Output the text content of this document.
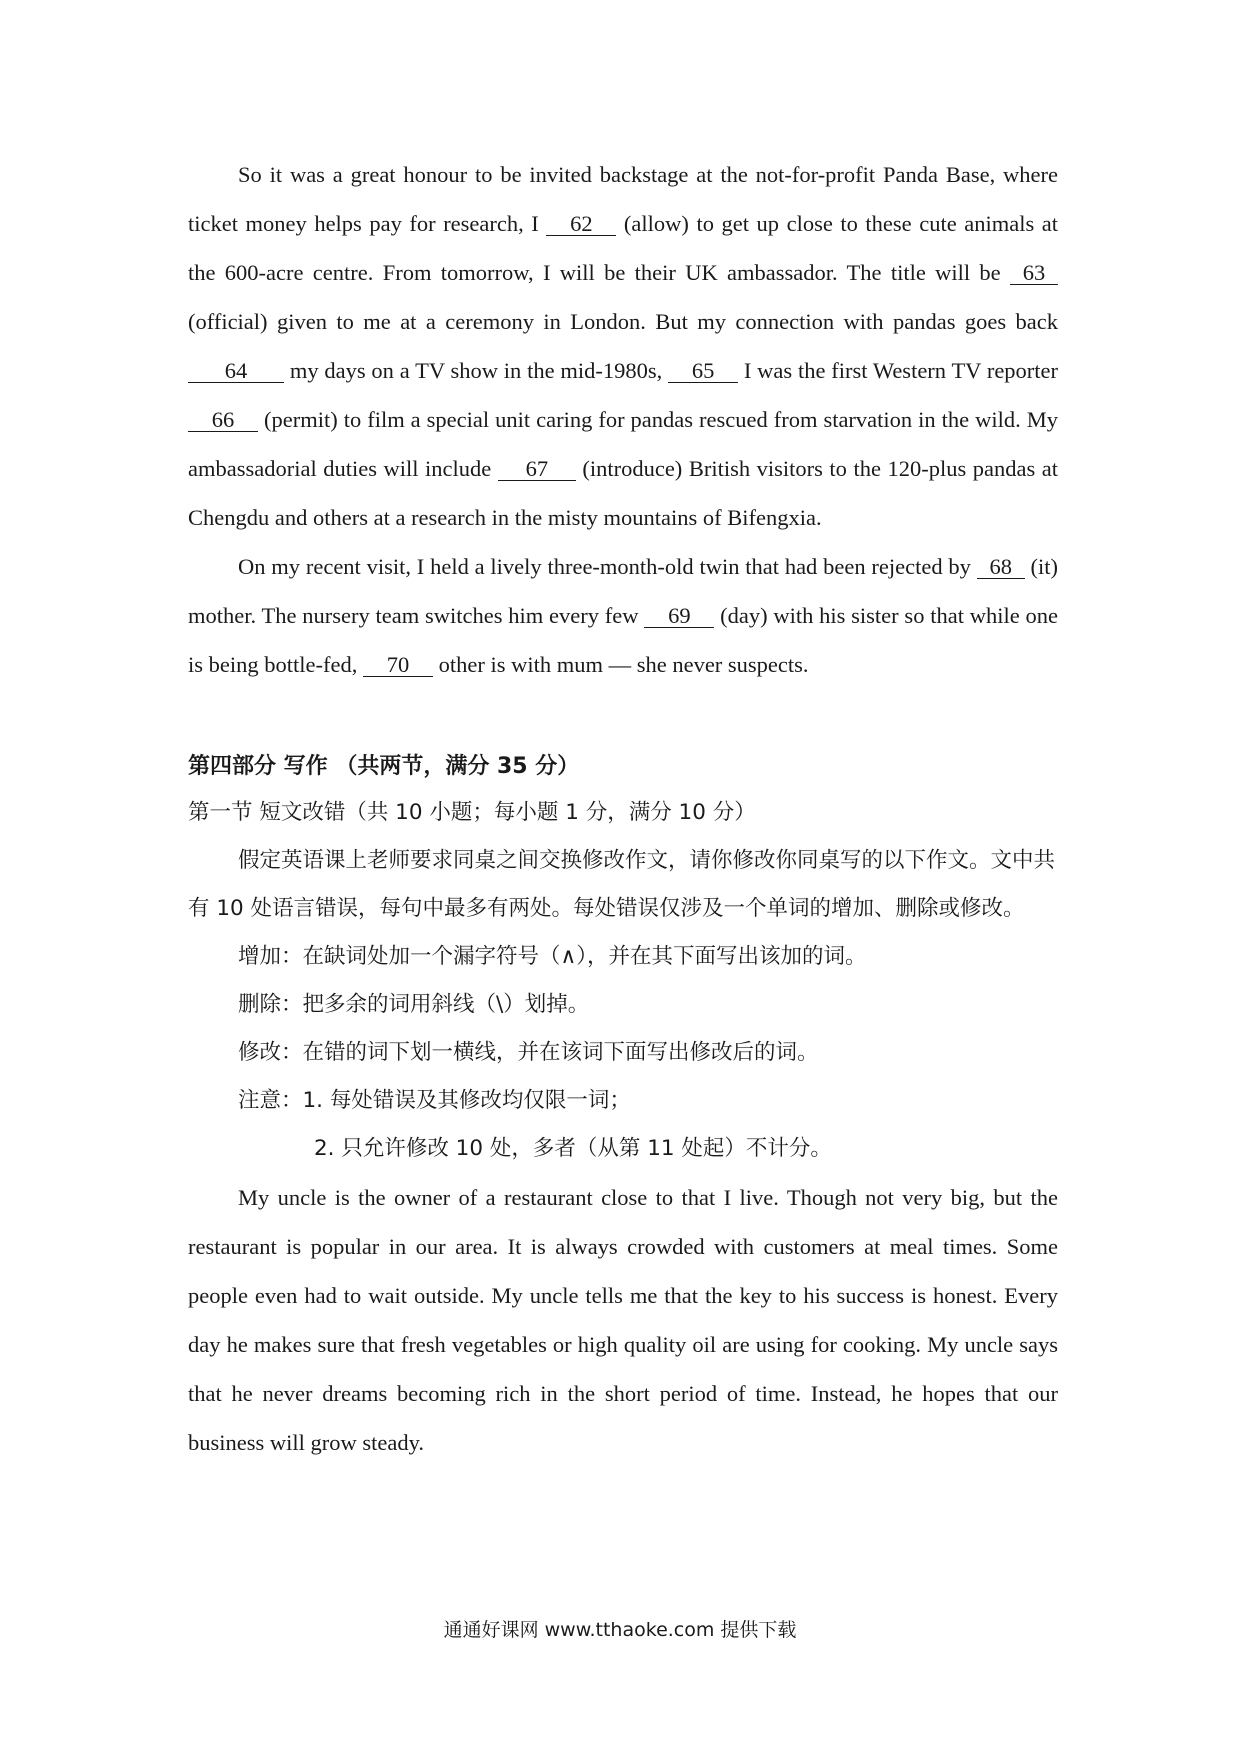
So it was a great honour to be invited backstage at the not-for-profit Panda Base, where ticket money helps pay for research, I 62 (allow) to get up close to these cute animals at the 600-acre centre. From tomorrow, I will be their UK ambassador. The title will be 63 (official) given to me at a ceremony in London. But my connection with pandas goes back 64 my days on a TV show in the mid-1980s, 65 I was the first Western TV reporter 66 (permit) to film a special unit caring for pandas rescued from starvation in the wild. My ambassadorial duties will include 67 (introduce) British visitors to the 120-plus pandas at Chengdu and others at a research in the misty mountains of Bifengxia.

On my recent visit, I held a lively three-month-old twin that had been rejected by 68 (it) mother. The nursery team switches him every few 69 (day) with his sister so that while one is being bottle-fed, 70 other is with mum — she never suspects.

第四部分 写作 （共两节，满分 35 分）

第一节 短文改错（共 10 小题；每小题 1 分，满分 10 分）

假定英语课上老师要求同桌之间交换修改作文，请你修改你同桌写的以下作文。文中共有 10 处语言错误，每句中最多有两处。每处错误仅涉及一个单词的增加、删除或修改。

增加：在缺词处加一个漏字符号（∧），并在其下面写出该加的词。

删除：把多余的词用斜线（\）划掉。

修改：在错的词下划一横线，并在该词下面写出修改后的词。

注意：1. 每处错误及其修改均仅限一词；

2. 只允许修改 10 处，多者（从第 11 处起）不计分。

My uncle is the owner of a restaurant close to that I live. Though not very big, but the restaurant is popular in our area. It is always crowded with customers at meal times. Some people even had to wait outside. My uncle tells me that the key to his success is honest. Every day he makes sure that fresh vegetables or high quality oil are using for cooking. My uncle says that he never dreams becoming rich in the short period of time. Instead, he hopes that our business will grow steady.

通通好课网 www.tthaoke.com 提供下载
